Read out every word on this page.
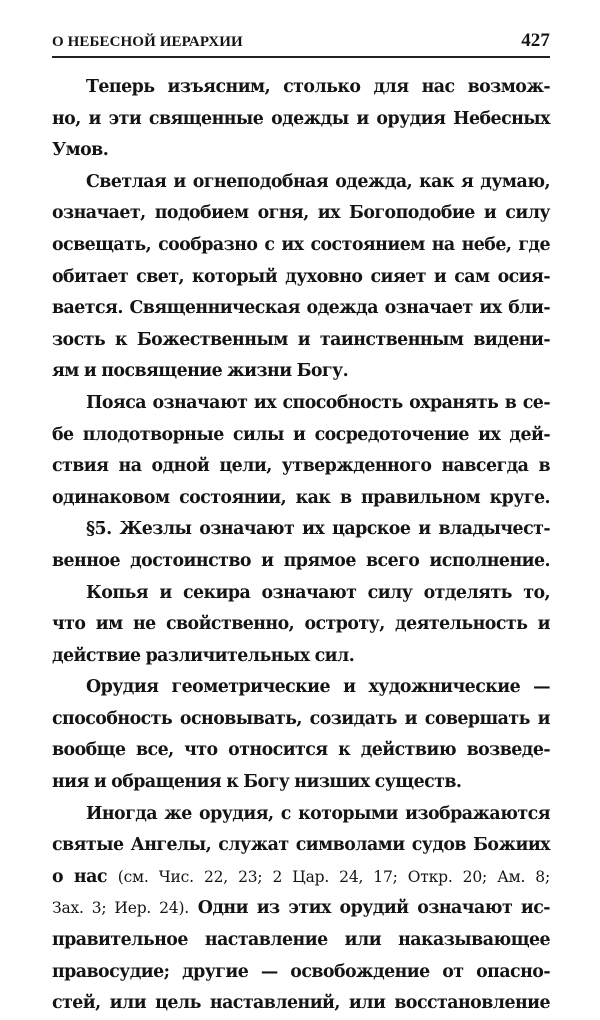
О НЕБЕСНОЙ ИЕРАРХИИ	427
Теперь изъясним, столько для нас возмож-
но, и эти священные одежды и орудия Небесных
Умов.
Светлая и огнеподобная одежда, как я думаю,
означает, подобием огня, их Богоподобие и силу
освещать, сообразно с их состоянием на небе, где
обитает свет, который духовно сияет и сам осия-
вается. Священническая одежда означает их бли-
зость к Божественным и таинственным видени-
ям и посвящение жизни Богу.
Пояса означают их способность охранять в се-
бе плодотворные силы и сосредоточение их дей-
ствия на одной цели, утвержденного навсегда в
одинаковом состоянии, как в правильном круге.
§5. Жезлы означают их царское и владычест-
венное достоинство и прямое всего исполнение.
Копья и секира означают силу отделять то,
что им не свойственно, остроту, деятельность и
действие различительных сил.
Орудия геометрические и художнические —
способность основывать, созидать и совершать и
вообще все, что относится к действию возведе-
ния и обращения к Богу низших существ.
Иногда же орудия, с которыми изображаются
святые Ангелы, служат символами судов Божиих
о нас (см. Чис. 22, 23; 2 Цар. 24, 17; Откр. 20; Ам. 8;
Зах. 3; Иер. 24). Одни из этих орудий означают ис-
правительное наставление или наказывающее
правосудие; другие — освобождение от опасно-
стей, или цель наставлений, или восстановление
